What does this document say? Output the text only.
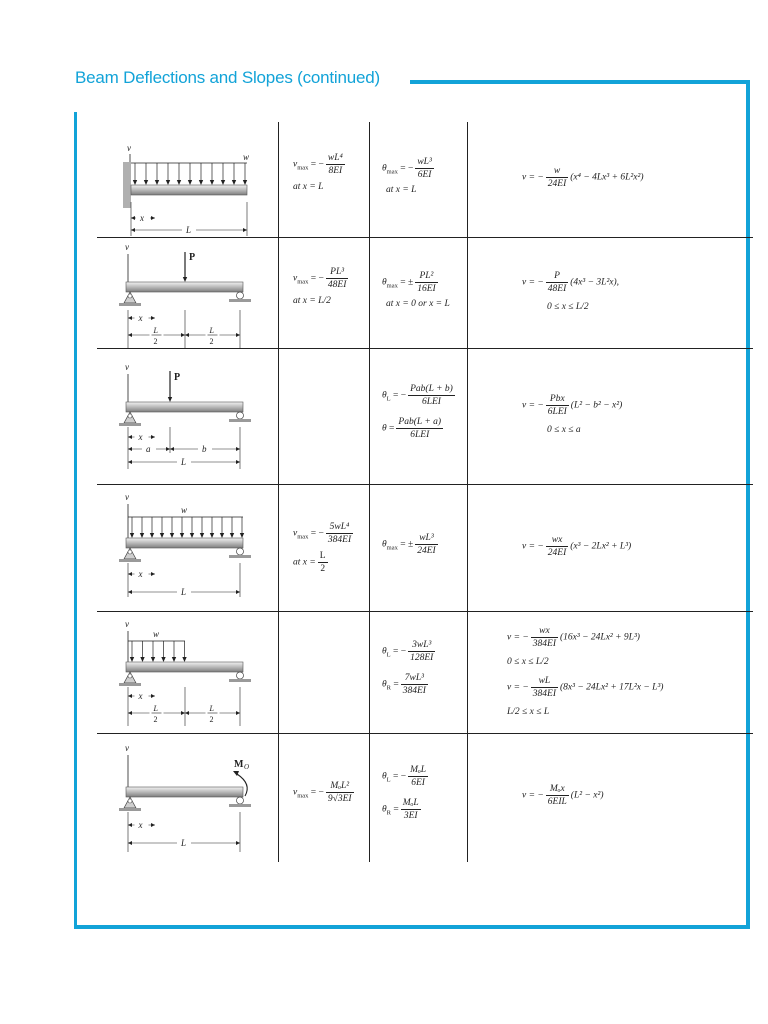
Beam Deflections and Slopes (continued)
v
w
x
L
$v_{max}$ = − $\frac{\text{wL⁴}}{8EI}$
at x = L
$\theta_{max}$ = − $\frac{\text{wL³}}{6EI}$
at x = L
v = − $\frac{w}{24EI} (x^4 - 4Lx^3 + 6L^2x^2)$
v
P
x
L
2
L
2
$v_{max}$ = − $\frac{\text{PL³}}{48EI}$
at x = L/2
$\theta_{max}$ = ± $\frac{\text{PL²}}{16EI}$
at x = 0 or x = L
v = − $\frac{P}{48EI} (4x^3 - 3L^2x)$,
0 ≤ x ≤ L/2
v
P
x
a	b
L
$\theta_L$ = −
Pab(L + b)
6LEI
θ =
Pab(L + a)
6LEI
v = −
Pbx
6LEI
(L² − b² − x²)
0 ≤ x ≤ a
v
w
x
L
$v_{max}$ = − $\frac{\text{5wL⁴}}{384EI}$
at $x = \frac{L}{2}$
$\theta_{max}$ = ± $\frac{\text{wL³}}{24EI}$	v = − $\frac{wx}{24EI} (x^3 - 2Lx^2 + L^3)$
v
w
x
L
2
L
2
$\theta_L$ = − $\frac{\text{3wL³}}{128EI}$
$\theta_R = \frac{\text{7wL³}}{384EI}$
v = − $\frac{wx}{384EI} (16x^3 - 24Lx^2 + 9L^3)$
0 ≤ x ≤ L/2
v = − $\frac{wL}{384EI} (8x^3 - 24Lx^2 + 17L^2x - L^3)$
L/2 ≤ x ≤ L
v
M O
x
L
$v_{max}$ = −
MₒL²
9√3EI
$\theta_L$ = −
MₒL
6EI
$\theta_R$ =
MₒL
3EI
v = −
Mₒx
6EIL
(L² − x²)
